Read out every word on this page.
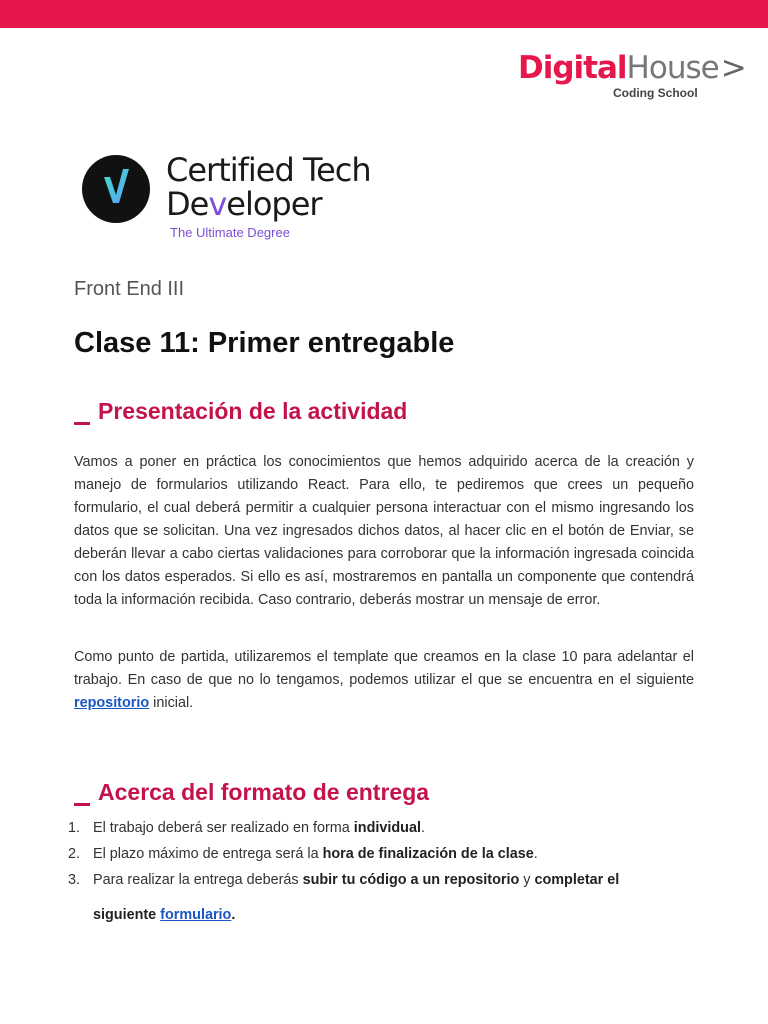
DigitalHouse>
Coding School
Certified Tech
Developer
The Ultimate Degree
Front End III
Clase 11: Primer entregable
Presentación de la actividad

Vamos a poner en práctica los conocimientos que hemos adquirido acerca de la creación y manejo de formularios utilizando React. Para ello, te pediremos que crees un pequeño formulario, el cual deberá permitir a cualquier persona interactuar con el mismo ingresando los datos que se solicitan. Una vez ingresados dichos datos, al hacer clic en el botón de Enviar, se deberán llevar a cabo ciertas validaciones para corroborar que la información ingresada coincida con los datos esperados. Si ello es así, mostraremos en pantalla un componente que contendrá toda la información recibida. Caso contrario, deberás mostrar un mensaje de error.

Como punto de partida, utilizaremos el template que creamos en la clase 10 para adelantar el trabajo. En caso de que no lo tengamos, podemos utilizar el que se encuentra en el siguiente repositorio inicial.

Acerca del formato de entrega
1. El trabajo deberá ser realizado en forma individual.
2. El plazo máximo de entrega será la hora de finalización de la clase.
3. Para realizar la entrega deberás subir tu código a un repositorio y completar el
siguiente formulario.
